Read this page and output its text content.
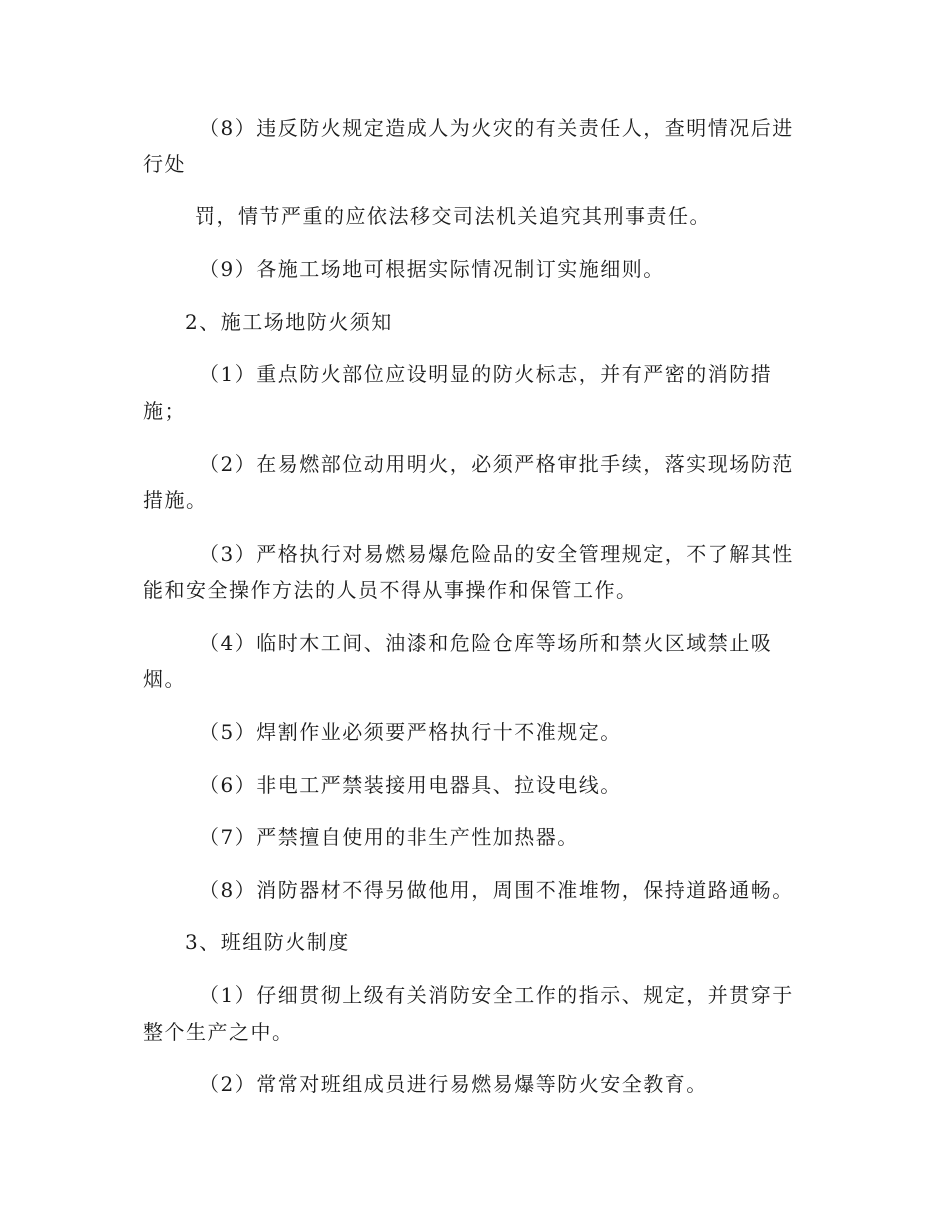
（8）违反防火规定造成人为火灾的有关责任人，查明情况后进
行处
罚，情节严重的应依法移交司法机关追究其刑事责任。
（9）各施工场地可根据实际情况制订实施细则。
2、施工场地防火须知
（1）重点防火部位应设明显的防火标志，并有严密的消防措
施；
（2）在易燃部位动用明火，必须严格审批手续，落实现场防范
措施。
（3）严格执行对易燃易爆危险品的安全管理规定，不了解其性
能和安全操作方法的人员不得从事操作和保管工作。
（4）临时木工间、油漆和危险仓库等场所和禁火区域禁止吸
烟。
（5）焊割作业必须要严格执行十不准规定。
（6）非电工严禁装接用电器具、拉设电线。
（7）严禁擅自使用的非生产性加热器。
（8）消防器材不得另做他用，周围不准堆物，保持道路通畅。
3、班组防火制度
（1）仔细贯彻上级有关消防安全工作的指示、规定，并贯穿于
整个生产之中。
（2）常常对班组成员进行易燃易爆等防火安全教育。
